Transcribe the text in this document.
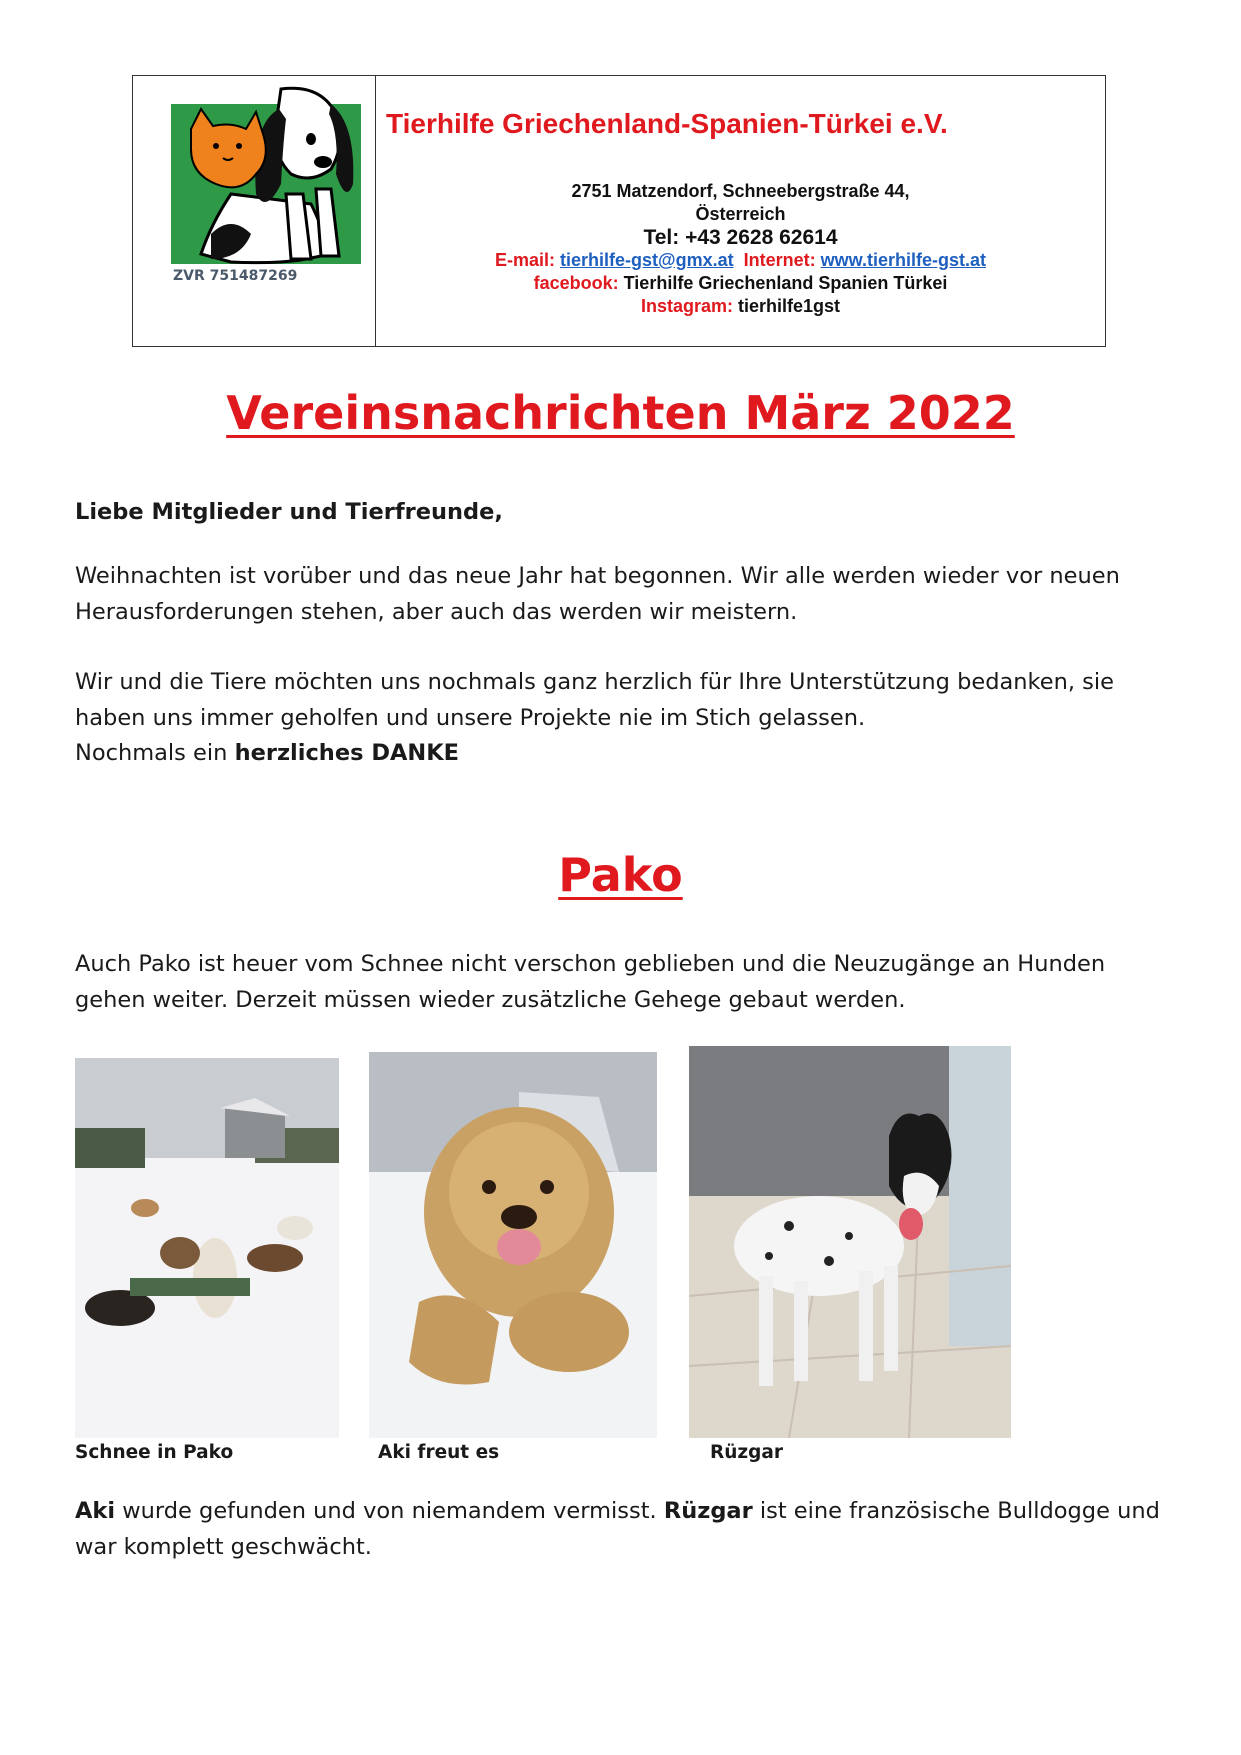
ZVR 751487269
Tierhilfe Griechenland-Spanien-Türkei e.V.
2751 Matzendorf, Schneebergstraße 44,
Österreich
Tel: +43 2628 62614
E-mail: tierhilfe-gst@gmx.at Internet: www.tierhilfe-gst.at
facebook: Tierhilfe Griechenland Spanien Türkei
Instagram: tierhilfe1gst
Vereinsnachrichten März 2022
Liebe Mitglieder und Tierfreunde,
Weihnachten ist vorüber und das neue Jahr hat begonnen. Wir alle werden wieder vor neuen Herausforderungen stehen, aber auch das werden wir meistern.
Wir und die Tiere möchten uns nochmals ganz herzlich für Ihre Unterstützung bedanken, sie haben uns immer geholfen und unsere Projekte nie im Stich gelassen.
Nochmals ein herzliches DANKE
Pako
Auch Pako ist heuer vom Schnee nicht verschon geblieben und die Neuzugänge an Hunden gehen weiter. Derzeit müssen wieder zusätzliche Gehege gebaut werden.
Schnee in Pako	Aki freut es	Rüzgar
Aki wurde gefunden und von niemandem vermisst. Rüzgar ist eine französische Bulldogge und war komplett geschwächt.
